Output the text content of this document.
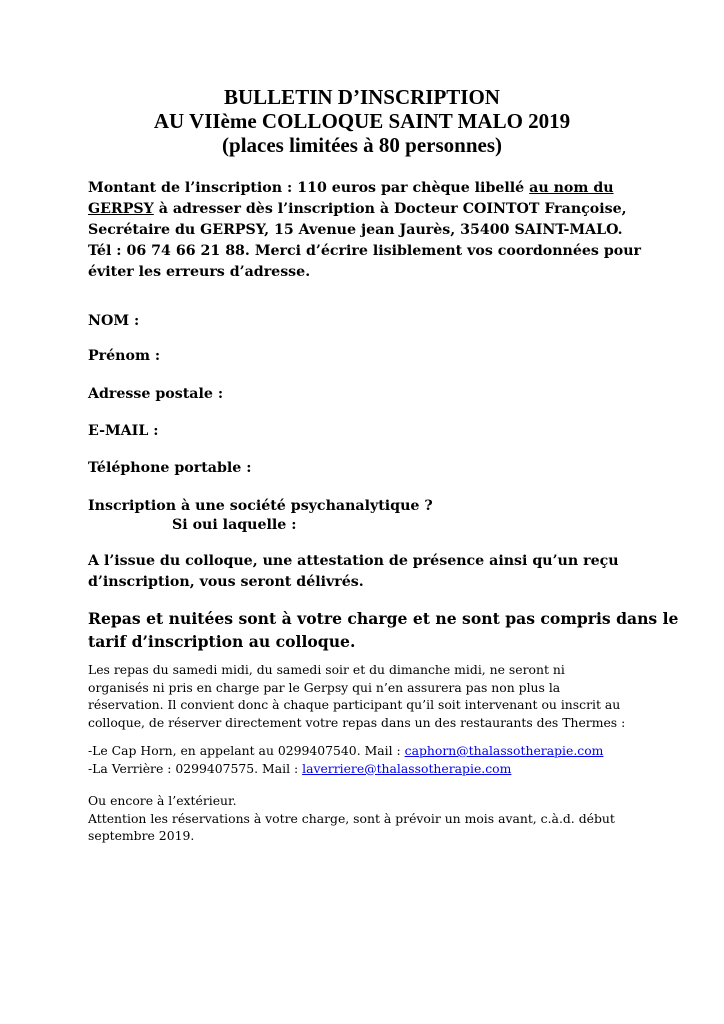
BULLETIN D’INSCRIPTION
AU VIIème COLLOQUE SAINT MALO 2019
(places limitées à 80 personnes)
Montant de l’inscription : 110 euros par chèque libellé au nom du
GERPSY à adresser dès l’inscription à Docteur COINTOT Françoise,
Secrétaire du GERPSY, 15 Avenue jean Jaurès, 35400 SAINT-MALO.
Tél : 06 74 66 21 88. Merci d’écrire lisiblement vos coordonnées pour
éviter les erreurs d’adresse.
NOM :
Prénom :
Adresse postale :
E-MAIL :
Téléphone portable :
Inscription à une société psychanalytique ?
Si oui laquelle :
A l’issue du colloque, une attestation de présence ainsi qu’un reçu
d’inscription, vous seront délivrés.
Repas et nuitées sont à votre charge et ne sont pas compris dans le
tarif d’inscription au colloque.
Les repas du samedi midi, du samedi soir et du dimanche midi, ne seront ni
organisés ni pris en charge par le Gerpsy qui n’en assurera pas non plus la
réservation. Il convient donc à chaque participant qu’il soit intervenant ou inscrit au
colloque, de réserver directement votre repas dans un des restaurants des Thermes :
-Le Cap Horn, en appelant au 0299407540. Mail : caphorn@thalassotherapie.com
-La Verrière : 0299407575. Mail : laverriere@thalassotherapie.com
Ou encore à l’extérieur.
Attention les réservations à votre charge, sont à prévoir un mois avant, c.à.d. début
septembre 2019.
